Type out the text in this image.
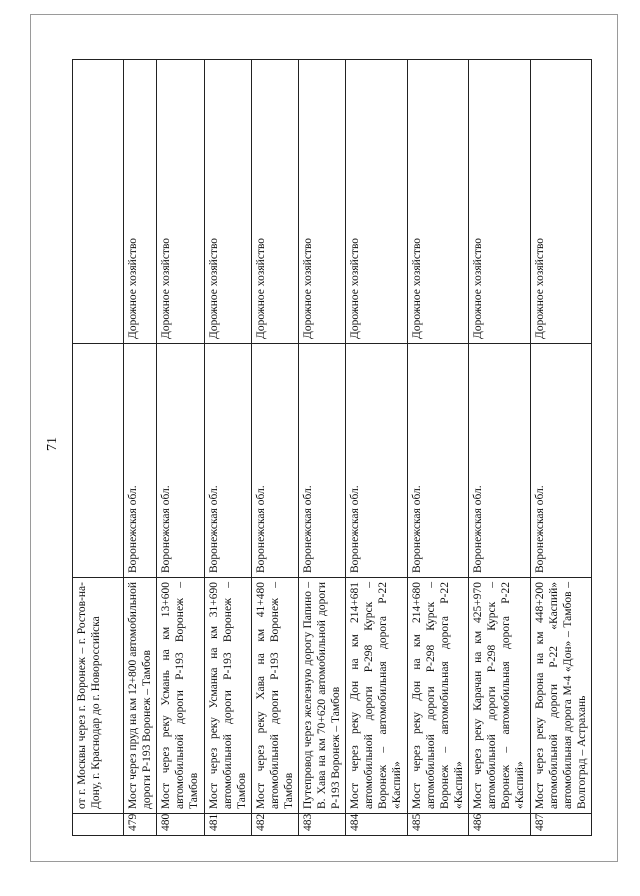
71
	от г. Москвы через г. Воронеж – г. Ростов-на-Дону, г. Краснодар до г. Новороссийска		
479	Мост через пруд на км 12+800 автомобильной дороги Р-193 Воронеж – Тамбов	Воронежская обл.	Дорожное хозяйство
480	Мост через реку Усмань на км 13+600 автомобильной дороги Р-193 Воронеж – Тамбов	Воронежская обл.	Дорожное хозяйство
481	Мост через реку Усманка на км 31+690 автомобильной дороги Р-193 Воронеж – Тамбов	Воронежская обл.	Дорожное хозяйство
482	Мост через реку Хава на км 41+480 автомобильной дороги Р-193 Воронеж – Тамбов	Воронежская обл.	Дорожное хозяйство
483	Путепровод через железную дорогу Папино – В. Хава на км 70+620 автомобильной дороги Р-193 Воронеж – Тамбов	Воронежская обл.	Дорожное хозяйство
484	Мост через реку Дон на км 214+681 автомобильной дороги Р-298 Курск – Воронеж – автомобильная дорога Р-22 «Каспий»	Воронежская обл.	Дорожное хозяйство
485	Мост через реку Дон на км 214+680 автомобильной дороги Р-298 Курск – Воронеж – автомобильная дорога Р-22 «Каспий»	Воронежская обл.	Дорожное хозяйство
486	Мост через реку Карачан на км 425+970 автомобильной дороги Р-298 Курск – Воронеж – автомобильная дорога Р-22 «Каспий»	Воронежская обл.	Дорожное хозяйство
487	Мост через реку Ворона на км 448+200 автомобильной дороги Р-22 «Каспий» автомобильная дорога М-4 «Дон» – Тамбов – Волгоград – Астрахань	Воронежская обл.	Дорожное хозяйство
